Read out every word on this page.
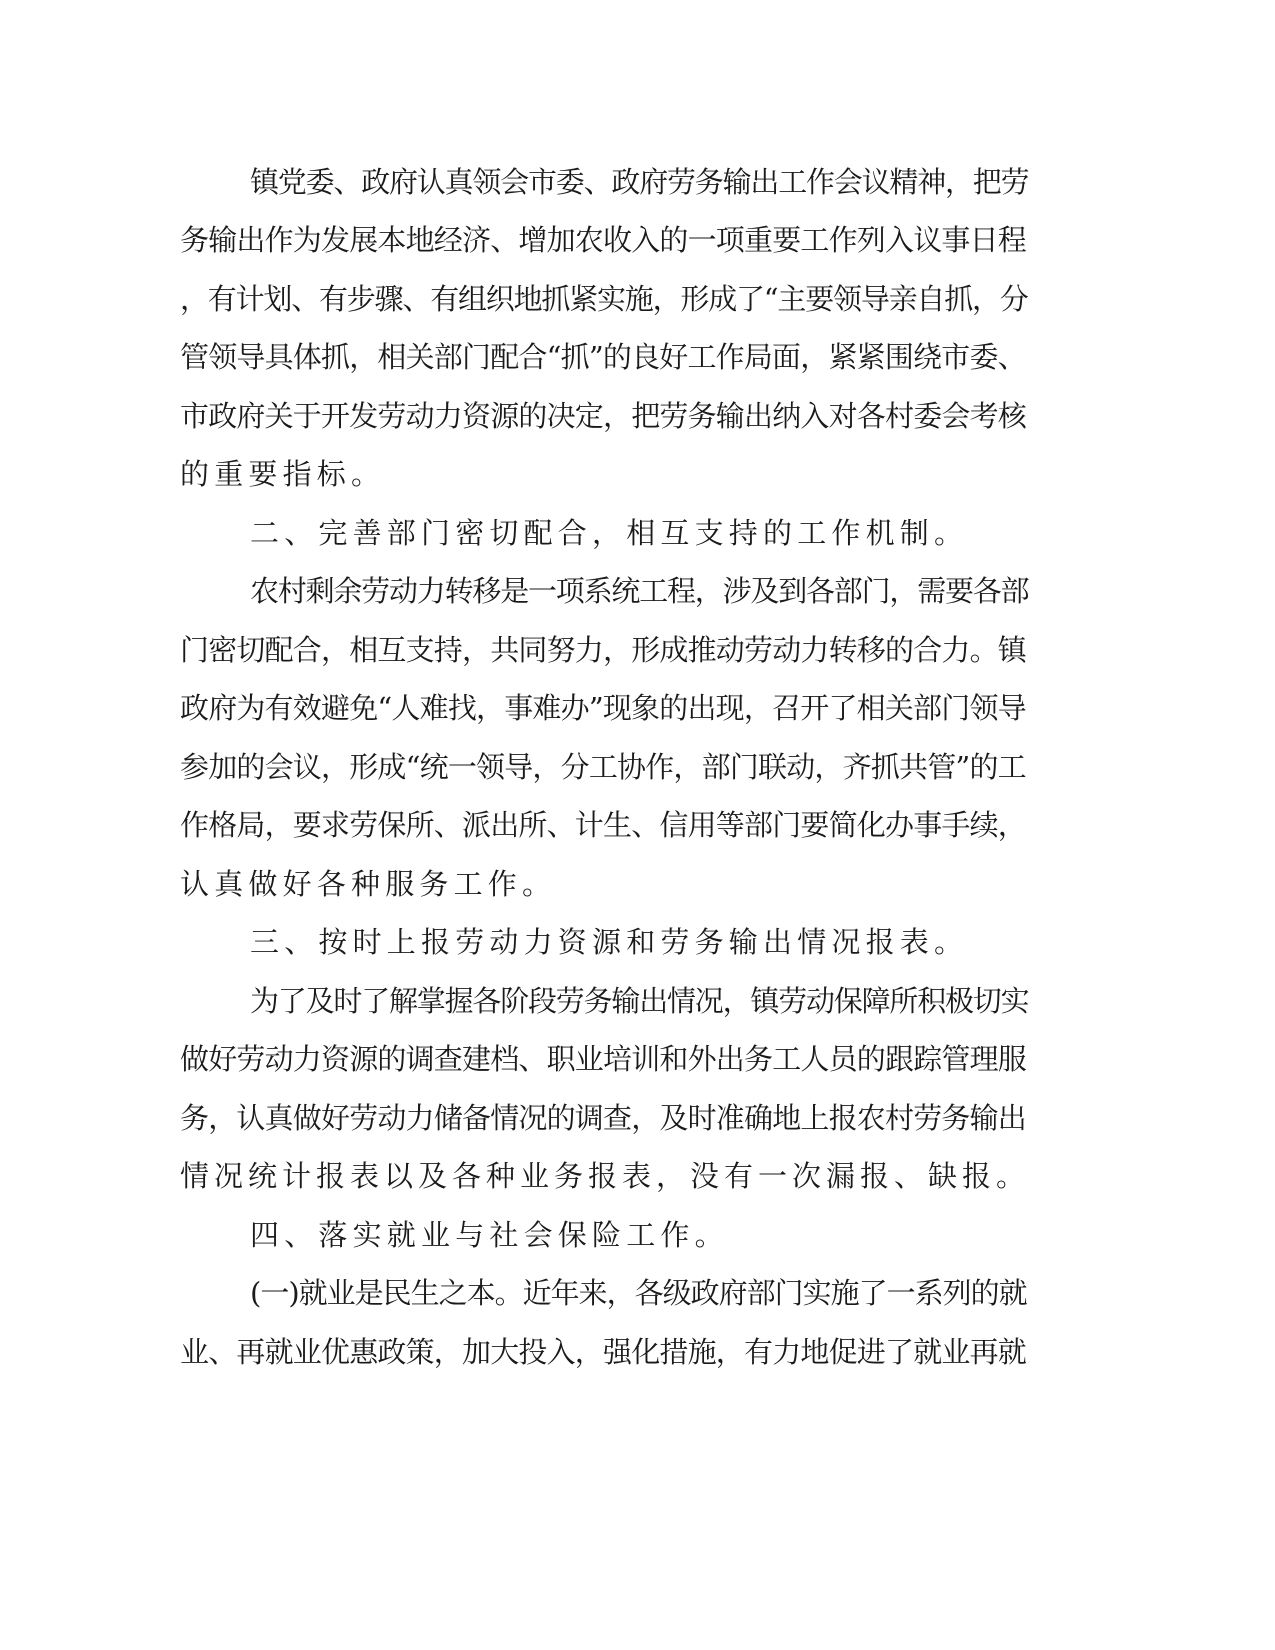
镇党委、政府认真领会市委、政府劳务输出工作会议精神，把劳
务输出作为发展本地经济、增加农收入的一项重要工作列入议事日程
，有计划、有步骤、有组织地抓紧实施，形成了“主要领导亲自抓，分
管领导具体抓，相关部门配合“抓”的良好工作局面，紧紧围绕市委、
市政府关于开发劳动力资源的决定，把劳务输出纳入对各村委会考核
的重要指标。
二、完善部门密切配合，相互支持的工作机制。
农村剩余劳动力转移是一项系统工程，涉及到各部门，需要各部
门密切配合，相互支持，共同努力，形成推动劳动力转移的合力。镇
政府为有效避免“人难找，事难办”现象的出现，召开了相关部门领导
参加的会议，形成“统一领导，分工协作，部门联动，齐抓共管”的工
作格局，要求劳保所、派出所、计生、信用等部门要简化办事手续，
认真做好各种服务工作。
三、按时上报劳动力资源和劳务输出情况报表。
为了及时了解掌握各阶段劳务输出情况，镇劳动保障所积极切实
做好劳动力资源的调查建档、职业培训和外出务工人员的跟踪管理服
务，认真做好劳动力储备情况的调查，及时准确地上报农村劳务输出
情况统计报表以及各种业务报表，没有一次漏报、缺报。
四、落实就业与社会保险工作。
(一)就业是民生之本。近年来，各级政府部门实施了一系列的就
业、再就业优惠政策，加大投入，强化措施，有力地促进了就业再就
